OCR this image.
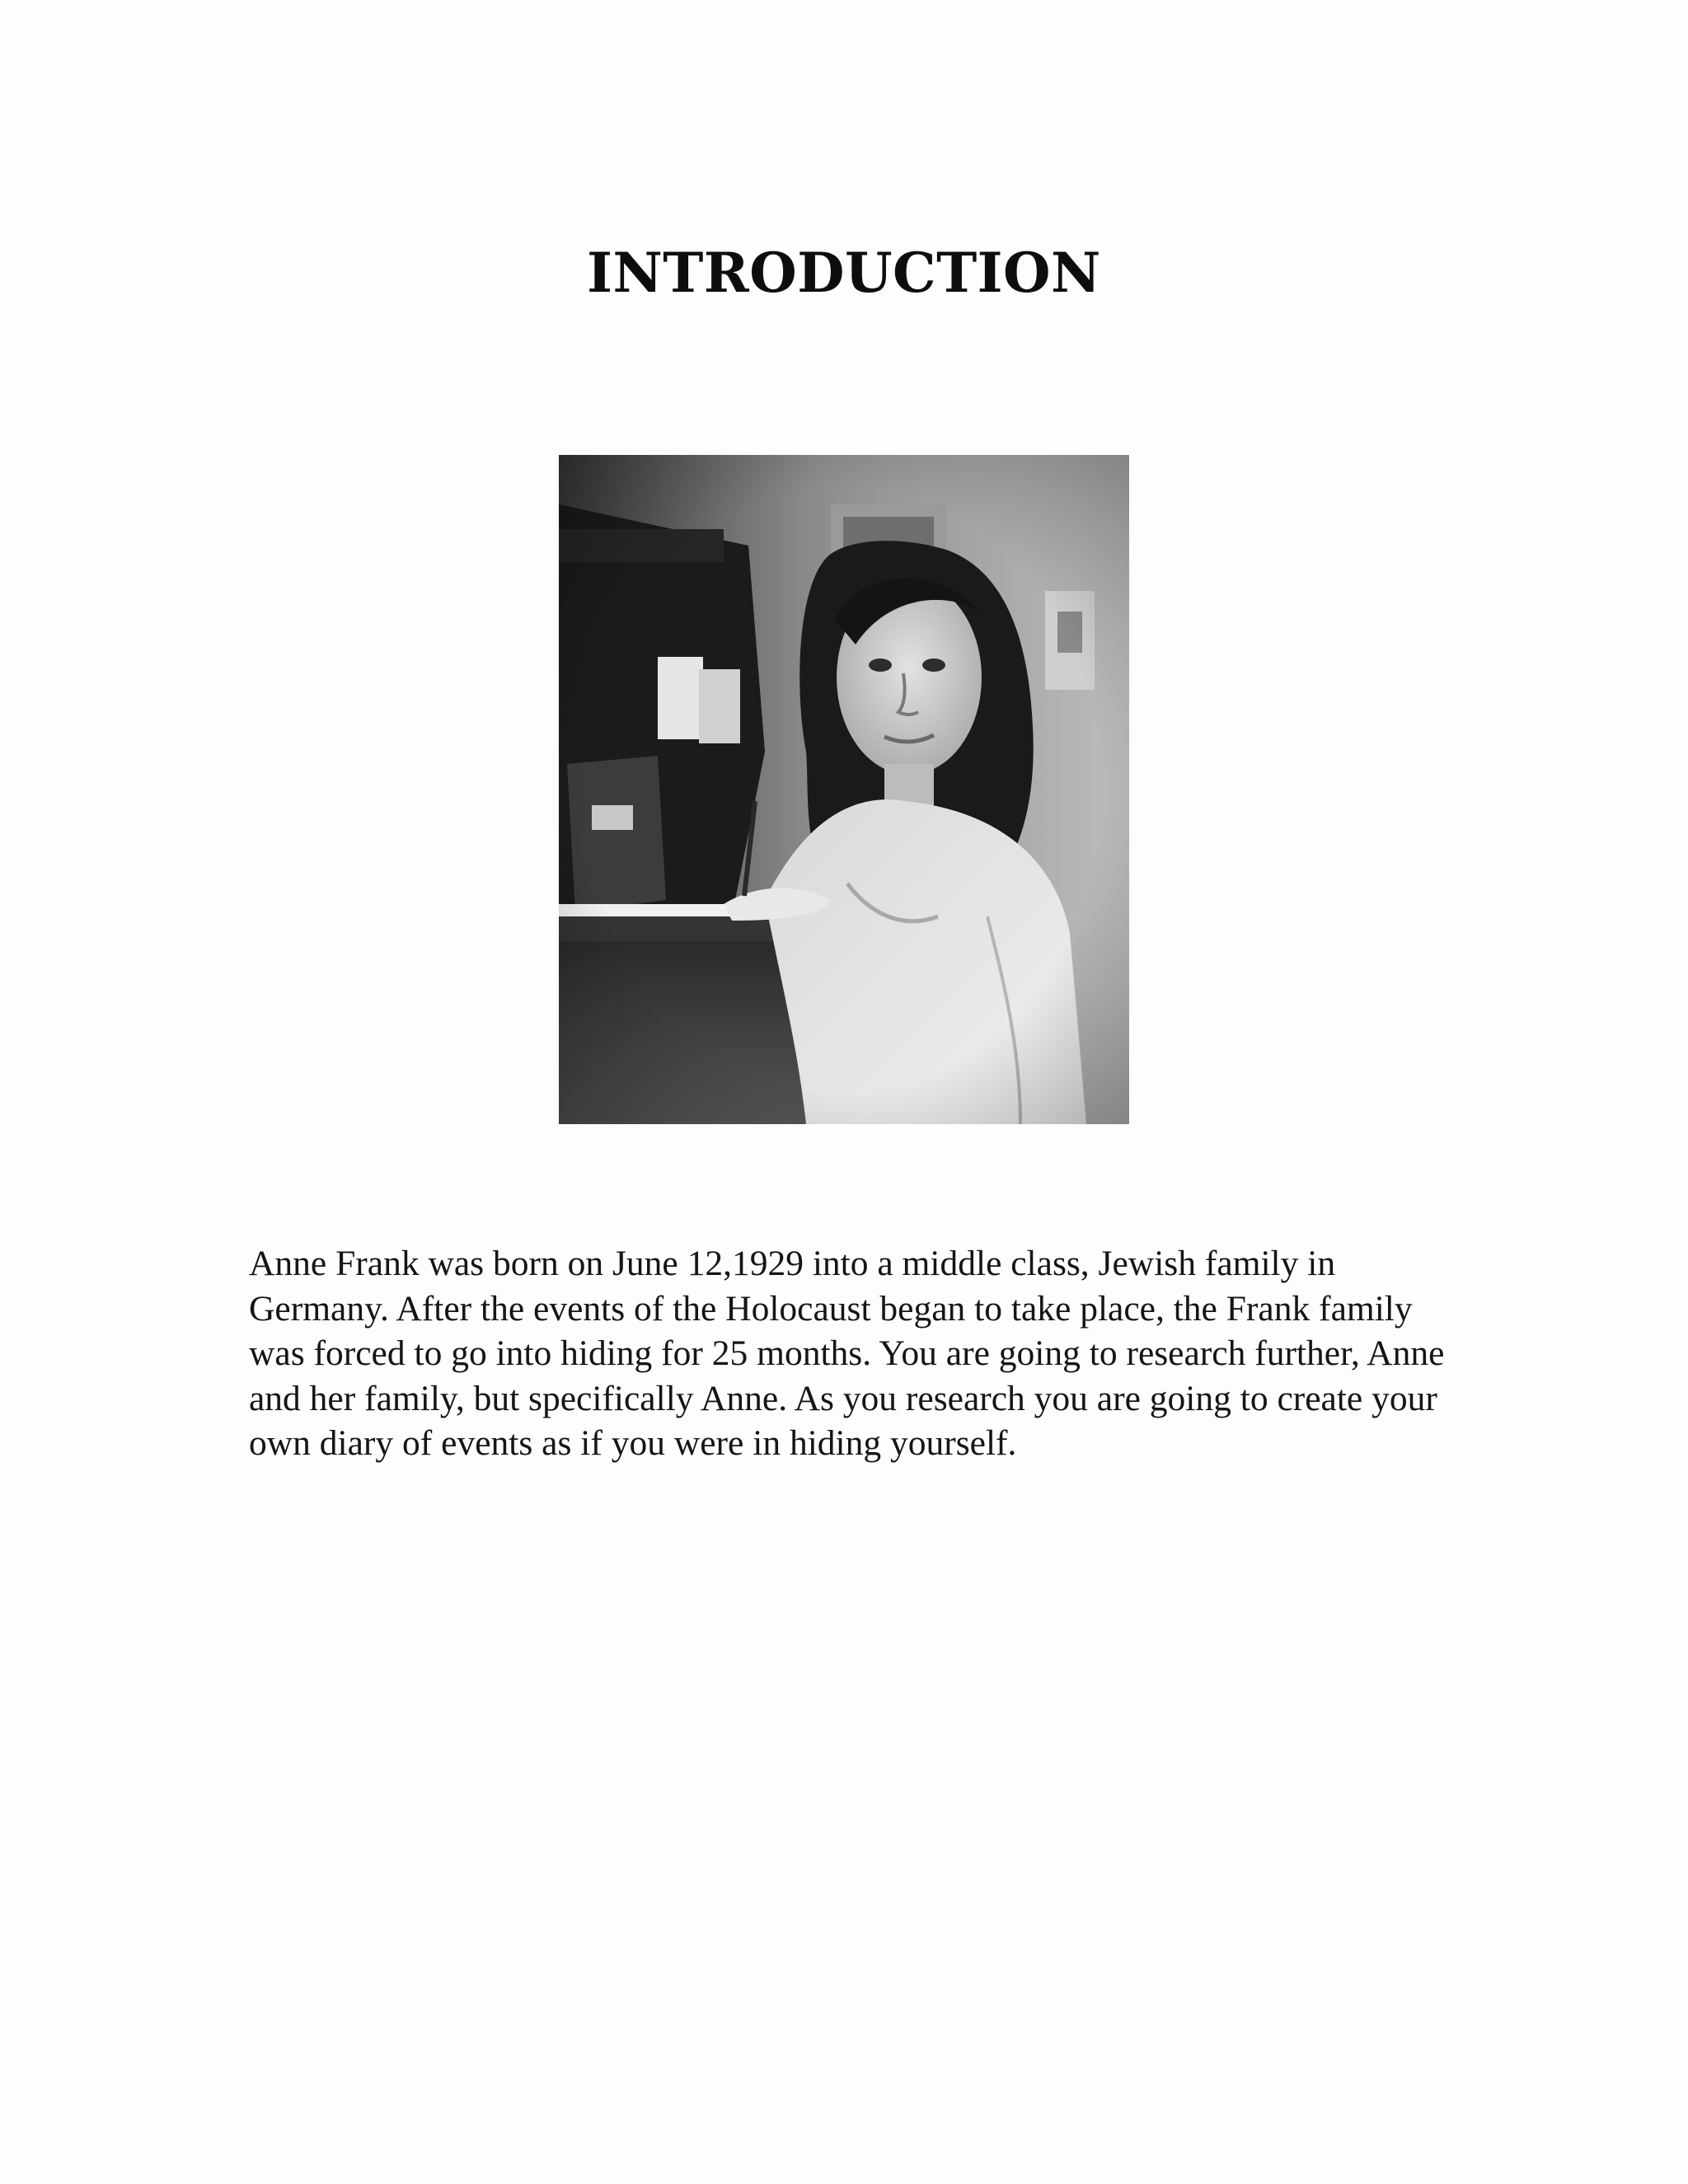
INTRODUCTION

Anne Frank was born on June 12,1929 into a middle class, Jewish family in Germany. After the events of the Holocaust began to take place, the Frank family was forced to go into hiding for 25 months. You are going to research further, Anne and her family, but specifically Anne. As you research you are going to create your own diary of events as if you were in hiding yourself.
